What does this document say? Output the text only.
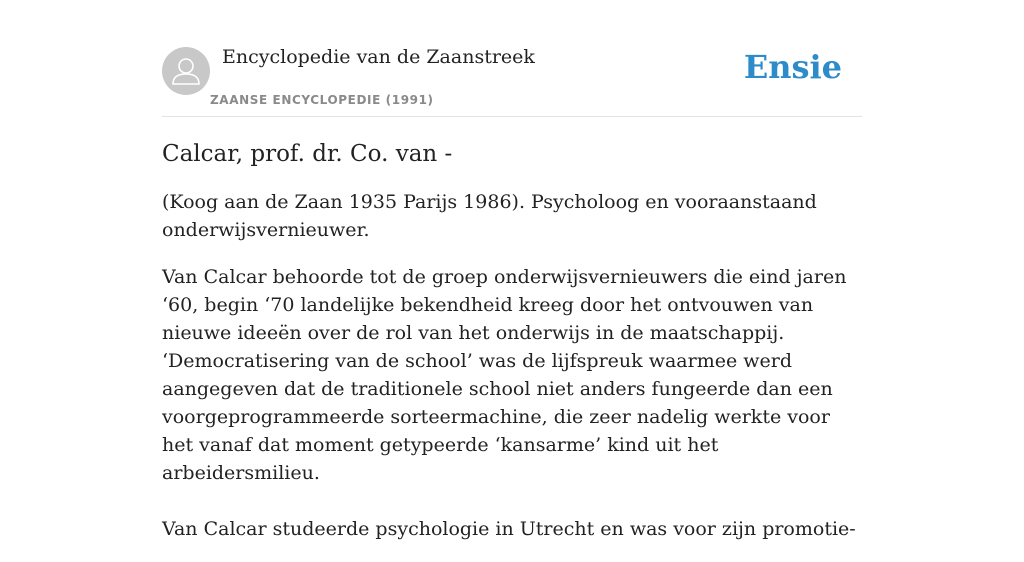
Encyclopedie van de Zaanstreek
ZAANSE ENCYCLOPEDIE (1991)
Ensie
Calcar, prof. dr. Co. van -

(Koog aan de Zaan 1935 Parijs 1986). Psycholoog en vooraanstaand onderwijsvernieuwer.

Van Calcar behoorde tot de groep onderwijsvernieuwers die eind jaren ‘60, begin ‘70 landelijke bekendheid kreeg door het ontvouwen van nieuwe ideeën over de rol van het onderwijs in de maatschappij. ‘Democratisering van de school’ was de lijfspreuk waarmee werd aangegeven dat de traditionele school niet anders fungeerde dan een voorgeprogrammeerde sorteermachine, die zeer nadelig werkte voor het vanaf dat moment getypeerde ‘kansarme’ kind uit het arbeidersmilieu.

Van Calcar studeerde psychologie in Utrecht en was voor zijn promotie-
